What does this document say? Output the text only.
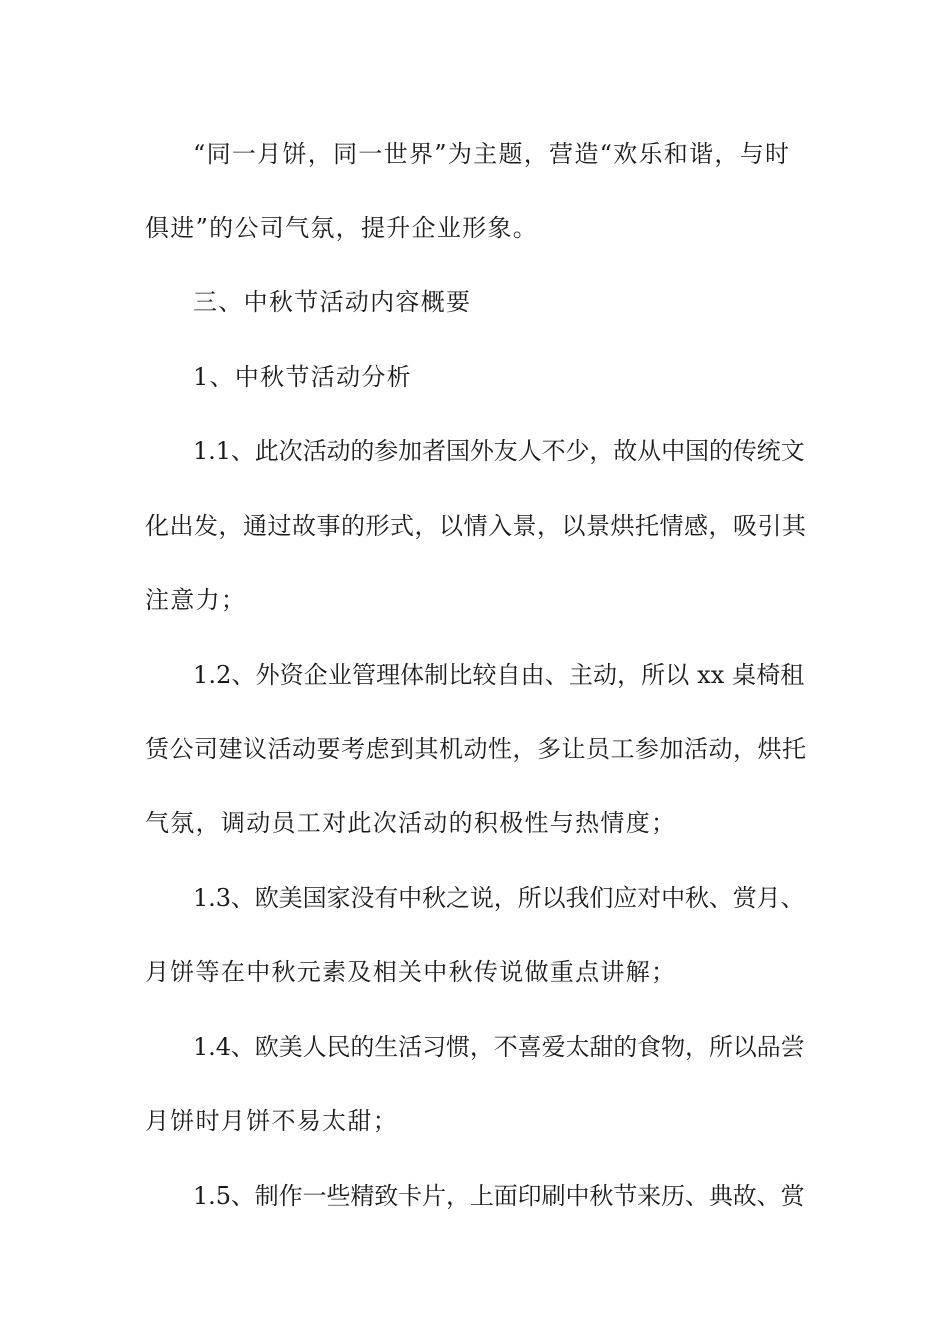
“同一月饼，同一世界”为主题，营造“欢乐和谐，与时

俱进”的公司气氛，提升企业形象。

三、中秋节活动内容概要

1、中秋节活动分析

1.1、此次活动的参加者国外友人不少，故从中国的传统文

化出发，通过故事的形式，以情入景，以景烘托情感，吸引其

注意力；

1.2、外资企业管理体制比较自由、主动，所以 xx 桌椅租

赁公司建议活动要考虑到其机动性，多让员工参加活动，烘托

气氛，调动员工对此次活动的积极性与热情度；

1.3、欧美国家没有中秋之说，所以我们应对中秋、赏月、

月饼等在中秋元素及相关中秋传说做重点讲解；

1.4、欧美人民的生活习惯，不喜爱太甜的食物，所以品尝

月饼时月饼不易太甜；

1.5、制作一些精致卡片，上面印刷中秋节来历、典故、赏
